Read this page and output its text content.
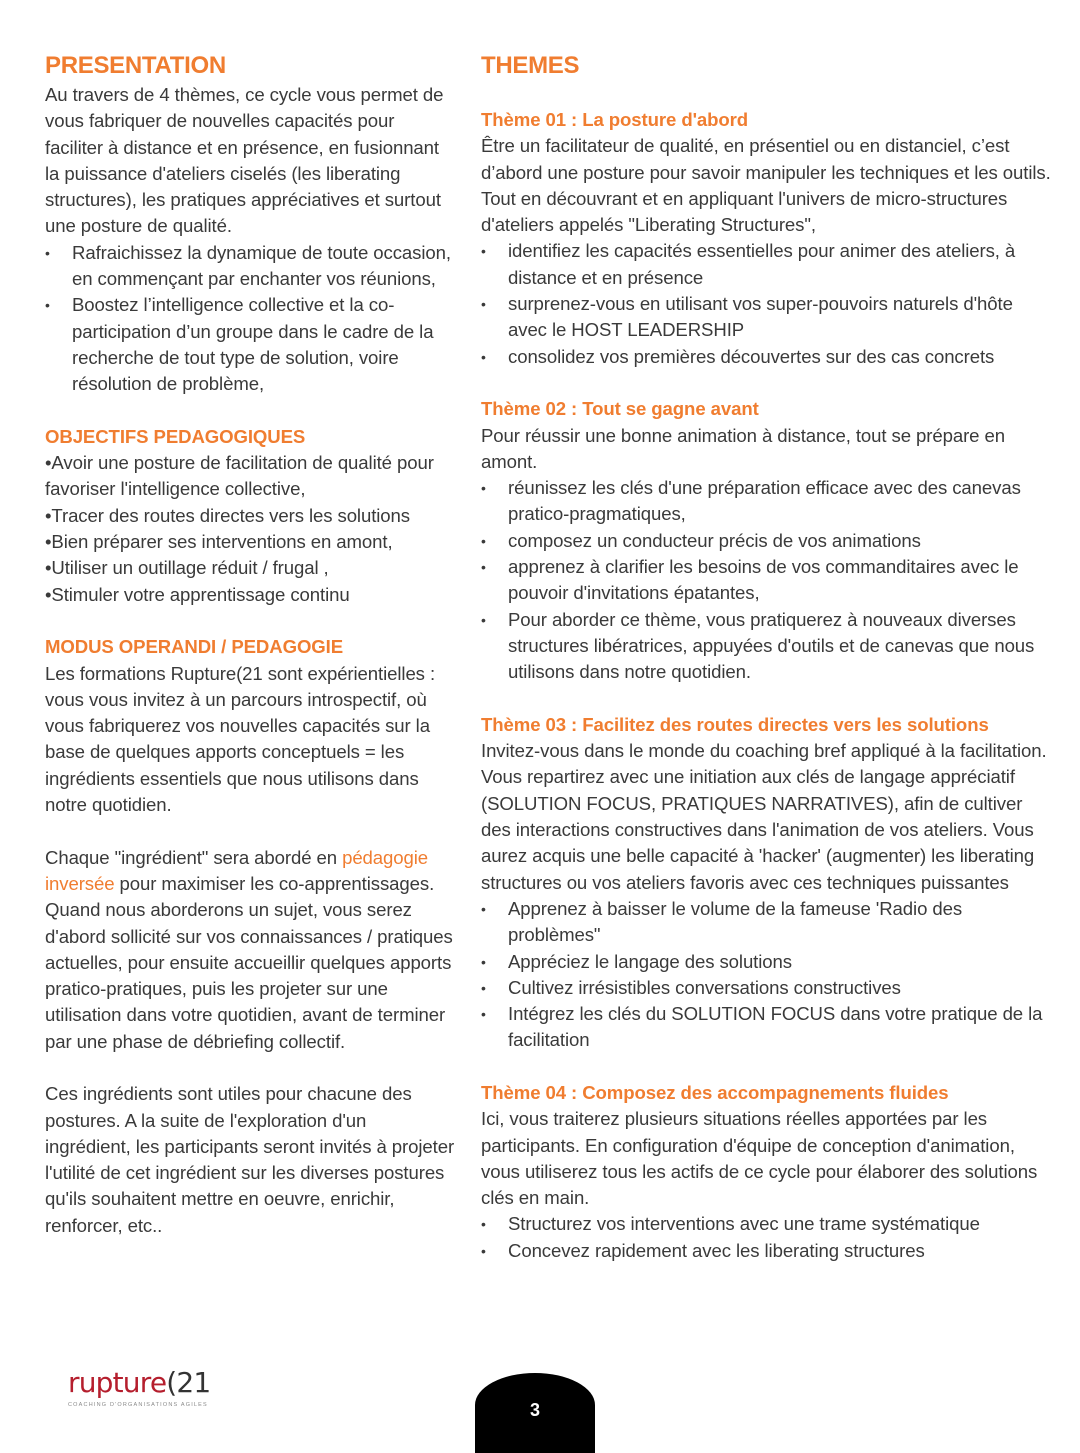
PRESENTATION

Au travers de 4 thèmes, ce cycle vous permet de vous fabriquer de nouvelles capacités pour faciliter à distance et en présence, en fusionnant la puissance d'ateliers ciselés (les liberating structures), les pratiques appréciatives et surtout une posture de qualité.

• Rafraichissez la dynamique de toute occasion, en commençant par enchanter vos réunions,
• Boostez l’intelligence collective et la co-participation d’un groupe dans le cadre de la recherche de tout type de solution, voire résolution de problème,
OBJECTIFS PEDAGOGIQUES

•Avoir une posture de facilitation de qualité pour favoriser l'intelligence collective,

•Tracer des routes directes vers les solutions

•Bien préparer ses interventions en amont,

•Utiliser un outillage réduit / frugal ,

•Stimuler votre apprentissage continu

MODUS OPERANDI / PEDAGOGIE

Les formations Rupture(21 sont expérientielles : vous vous invitez à un parcours introspectif, où vous fabriquerez vos nouvelles capacités sur la base de quelques apports conceptuels = les ingrédients essentiels que nous utilisons dans notre quotidien.

Chaque "ingrédient" sera abordé en pédagogie inversée pour maximiser les co-apprentissages. Quand nous aborderons un sujet, vous serez d'abord sollicité sur vos connaissances / pratiques actuelles, pour ensuite accueillir quelques apports pratico-pratiques, puis les projeter sur une utilisation dans votre quotidien, avant de terminer par une phase de débriefing collectif.

Ces ingrédients sont utiles pour chacune des postures. A la suite de l'exploration d'un ingrédient, les participants seront invités à projeter l'utilité de cet ingrédient sur les diverses postures qu'ils souhaitent mettre en oeuvre, enrichir, renforcer, etc..

THEMES
Thème 01 : La posture d'abord

Être un facilitateur de qualité, en présentiel ou en distanciel, c’est d’abord une posture pour savoir manipuler les techniques et les outils. Tout en découvrant et en appliquant l'univers de micro-structures d'ateliers appelés "Liberating Structures",

• identifiez les capacités essentielles pour animer des ateliers, à distance et en présence
• surprenez-vous en utilisant vos super-pouvoirs naturels d'hôte avec le HOST LEADERSHIP
• consolidez vos premières découvertes sur des cas concrets
Thème 02 : Tout se gagne avant

Pour réussir une bonne animation à distance, tout se prépare en amont.

• réunissez les clés d'une préparation efficace avec des canevas pratico-pragmatiques,
• composez un conducteur précis de vos animations
• apprenez à clarifier les besoins de vos commanditaires avec le pouvoir d'invitations épatantes,
• Pour aborder ce thème, vous pratiquerez à nouveaux diverses structures libératrices, appuyées d'outils et de canevas que nous utilisons dans notre quotidien.
Thème 03 : Facilitez des routes directes vers les solutions

Invitez-vous dans le monde du coaching bref appliqué à la facilitation. Vous repartirez avec une initiation aux clés de langage appréciatif (SOLUTION FOCUS, PRATIQUES NARRATIVES), afin de cultiver des interactions constructives dans l'animation de vos ateliers. Vous aurez acquis une belle capacité à 'hacker' (augmenter) les liberating structures ou vos ateliers favoris avec ces techniques puissantes

• Apprenez à baisser le volume de la fameuse 'Radio des problèmes"
• Appréciez le langage des solutions
• Cultivez irrésistibles conversations constructives
• Intégrez les clés du SOLUTION FOCUS dans votre pratique de la facilitation
Thème 04 : Composez des accompagnements fluides

Ici, vous traiterez plusieurs situations réelles apportées par les participants. En configuration d'équipe de conception d'animation, vous utiliserez tous les actifs de ce cycle pour élaborer des solutions clés en main.

• Structurez vos interventions avec une trame systématique
• Concevez rapidement avec les liberating structures
rupture(21
COACHING D'ORGANISATIONS AGILES	3
